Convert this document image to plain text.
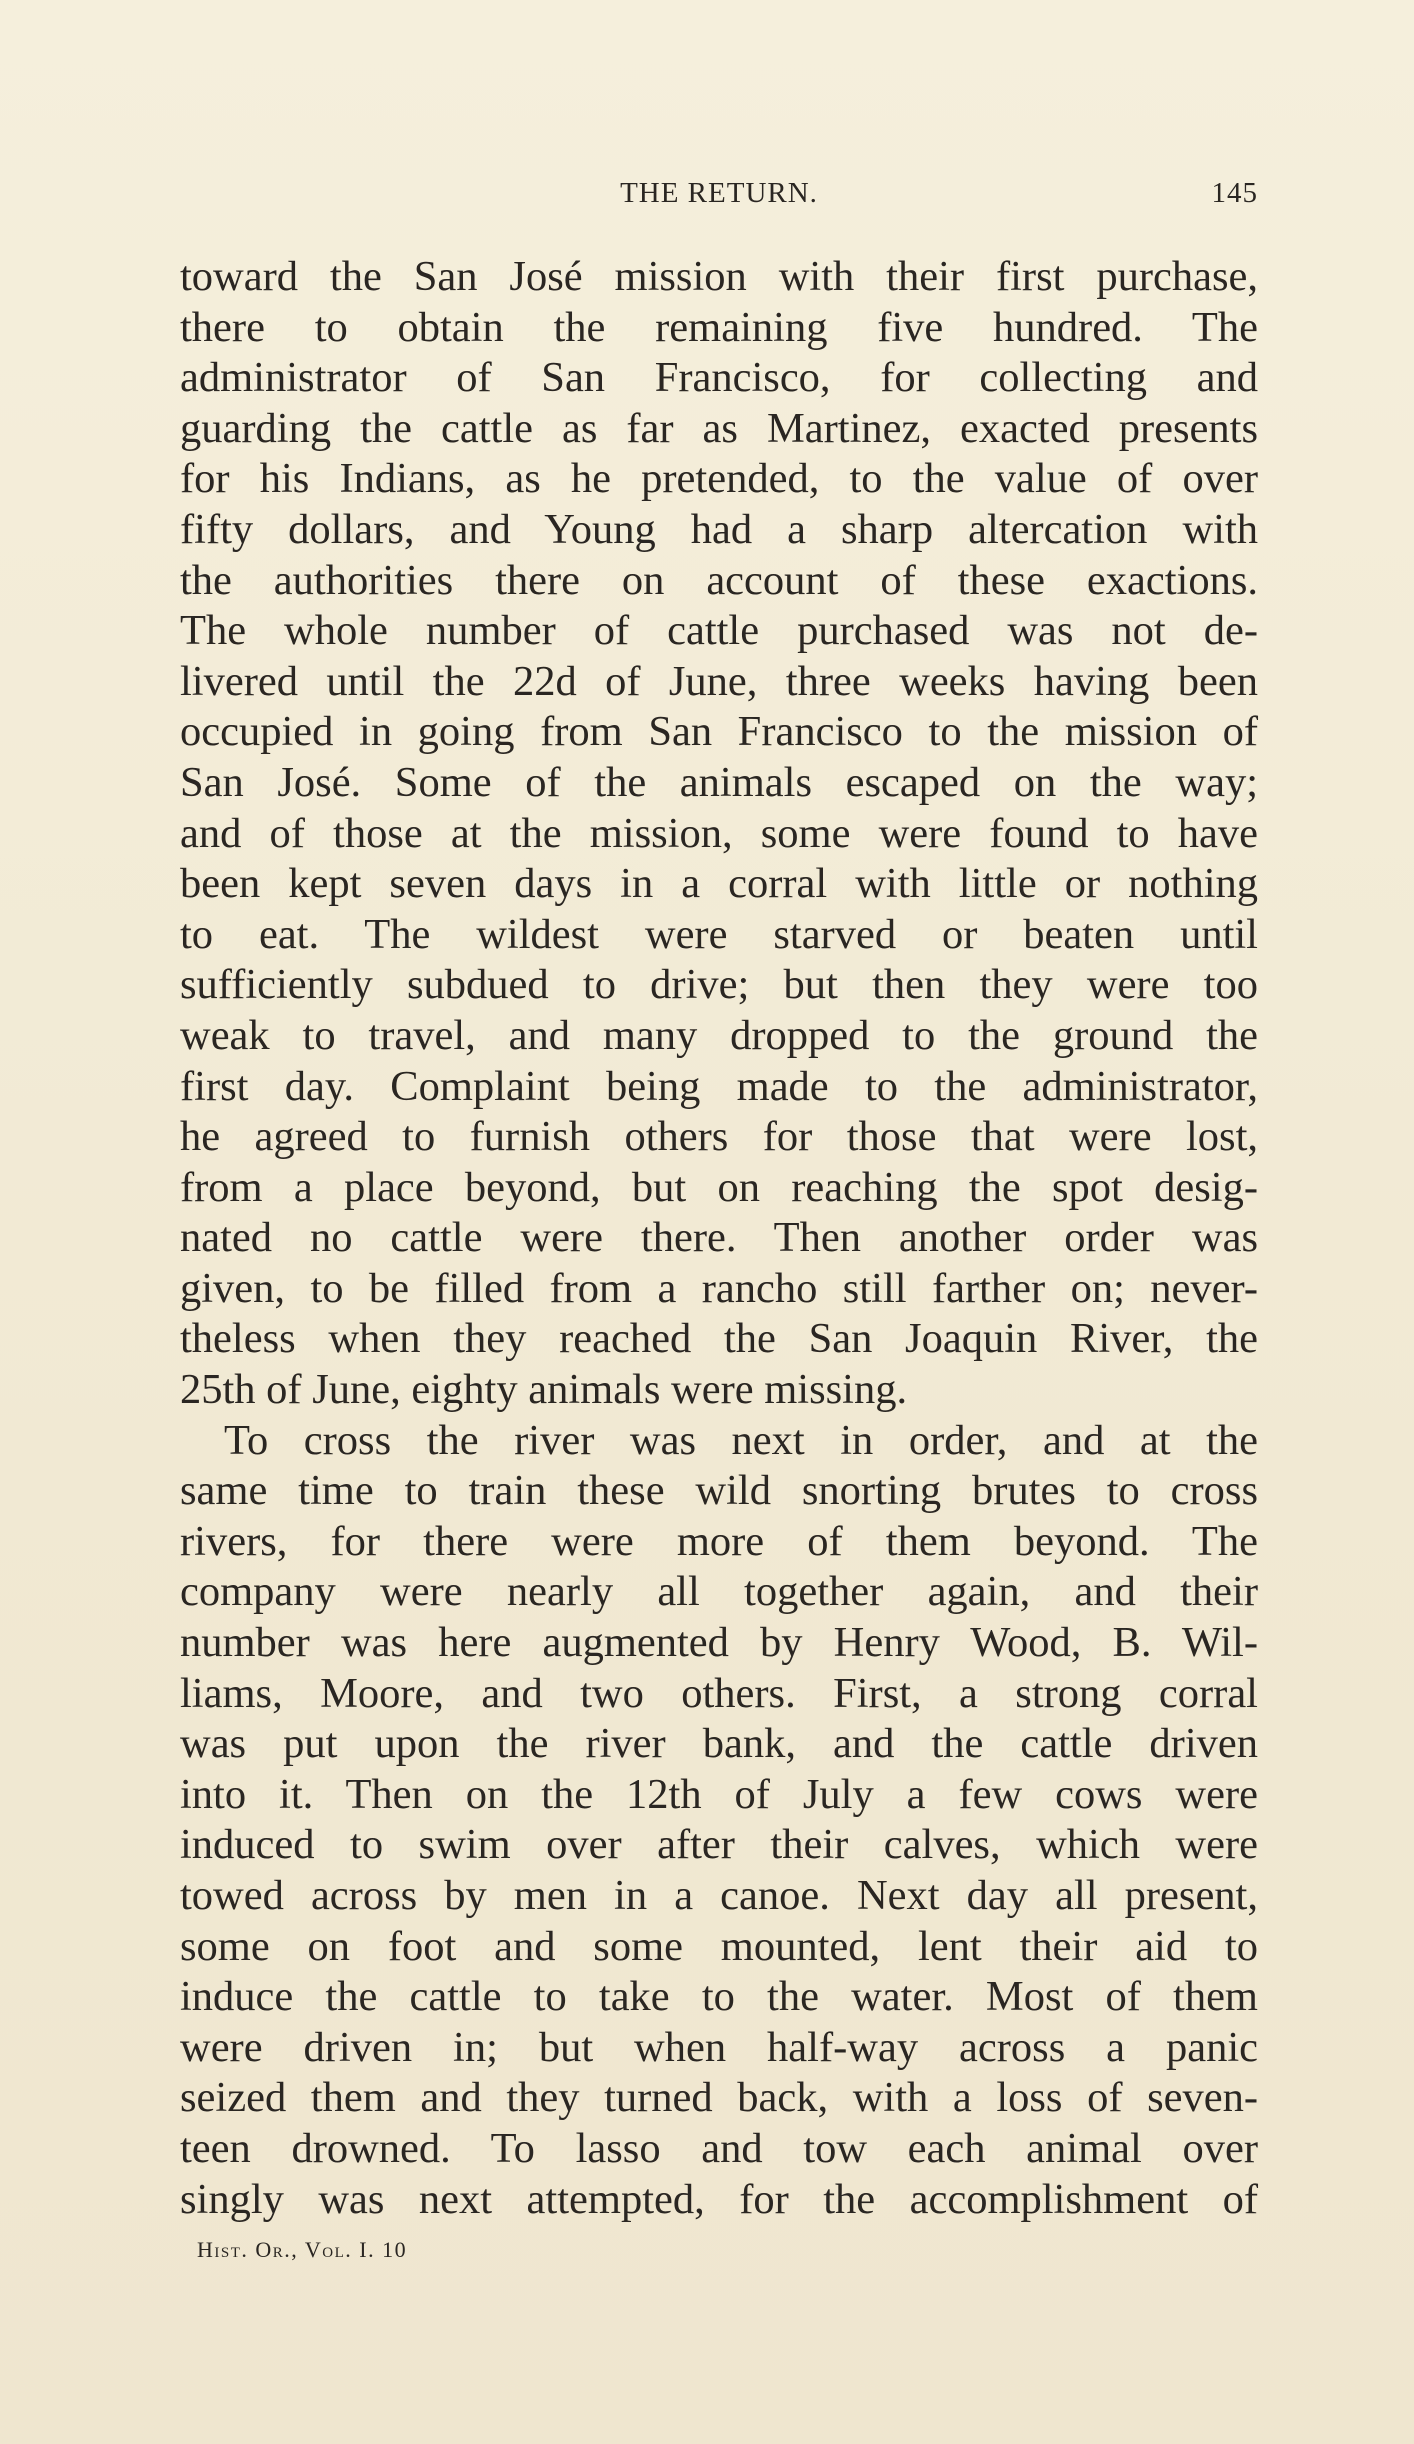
THE RETURN.	145
toward the San José mission with their first purchase,
there to obtain the remaining five hundred. The
administrator of San Francisco, for collecting and
guarding the cattle as far as Martinez, exacted presents
for his Indians, as he pretended, to the value of over
fifty dollars, and Young had a sharp altercation with
the authorities there on account of these exactions.
The whole number of cattle purchased was not de-
livered until the 22d of June, three weeks having been
occupied in going from San Francisco to the mission of
San José. Some of the animals escaped on the way;
and of those at the mission, some were found to have
been kept seven days in a corral with little or nothing
to eat. The wildest were starved or beaten until
sufficiently subdued to drive; but then they were too
weak to travel, and many dropped to the ground the
first day. Complaint being made to the administrator,
he agreed to furnish others for those that were lost,
from a place beyond, but on reaching the spot desig-
nated no cattle were there. Then another order was
given, to be filled from a rancho still farther on; never-
theless when they reached the San Joaquin River, the
25th of June, eighty animals were missing.
To cross the river was next in order, and at the
same time to train these wild snorting brutes to cross
rivers, for there were more of them beyond. The
company were nearly all together again, and their
number was here augmented by Henry Wood, B. Wil-
liams, Moore, and two others. First, a strong corral
was put upon the river bank, and the cattle driven
into it. Then on the 12th of July a few cows were
induced to swim over after their calves, which were
towed across by men in a canoe. Next day all present,
some on foot and some mounted, lent their aid to
induce the cattle to take to the water. Most of them
were driven in; but when half-way across a panic
seized them and they turned back, with a loss of seven-
teen drowned. To lasso and tow each animal over
singly was next attempted, for the accomplishment of
Hist. Or., Vol. I. 10
